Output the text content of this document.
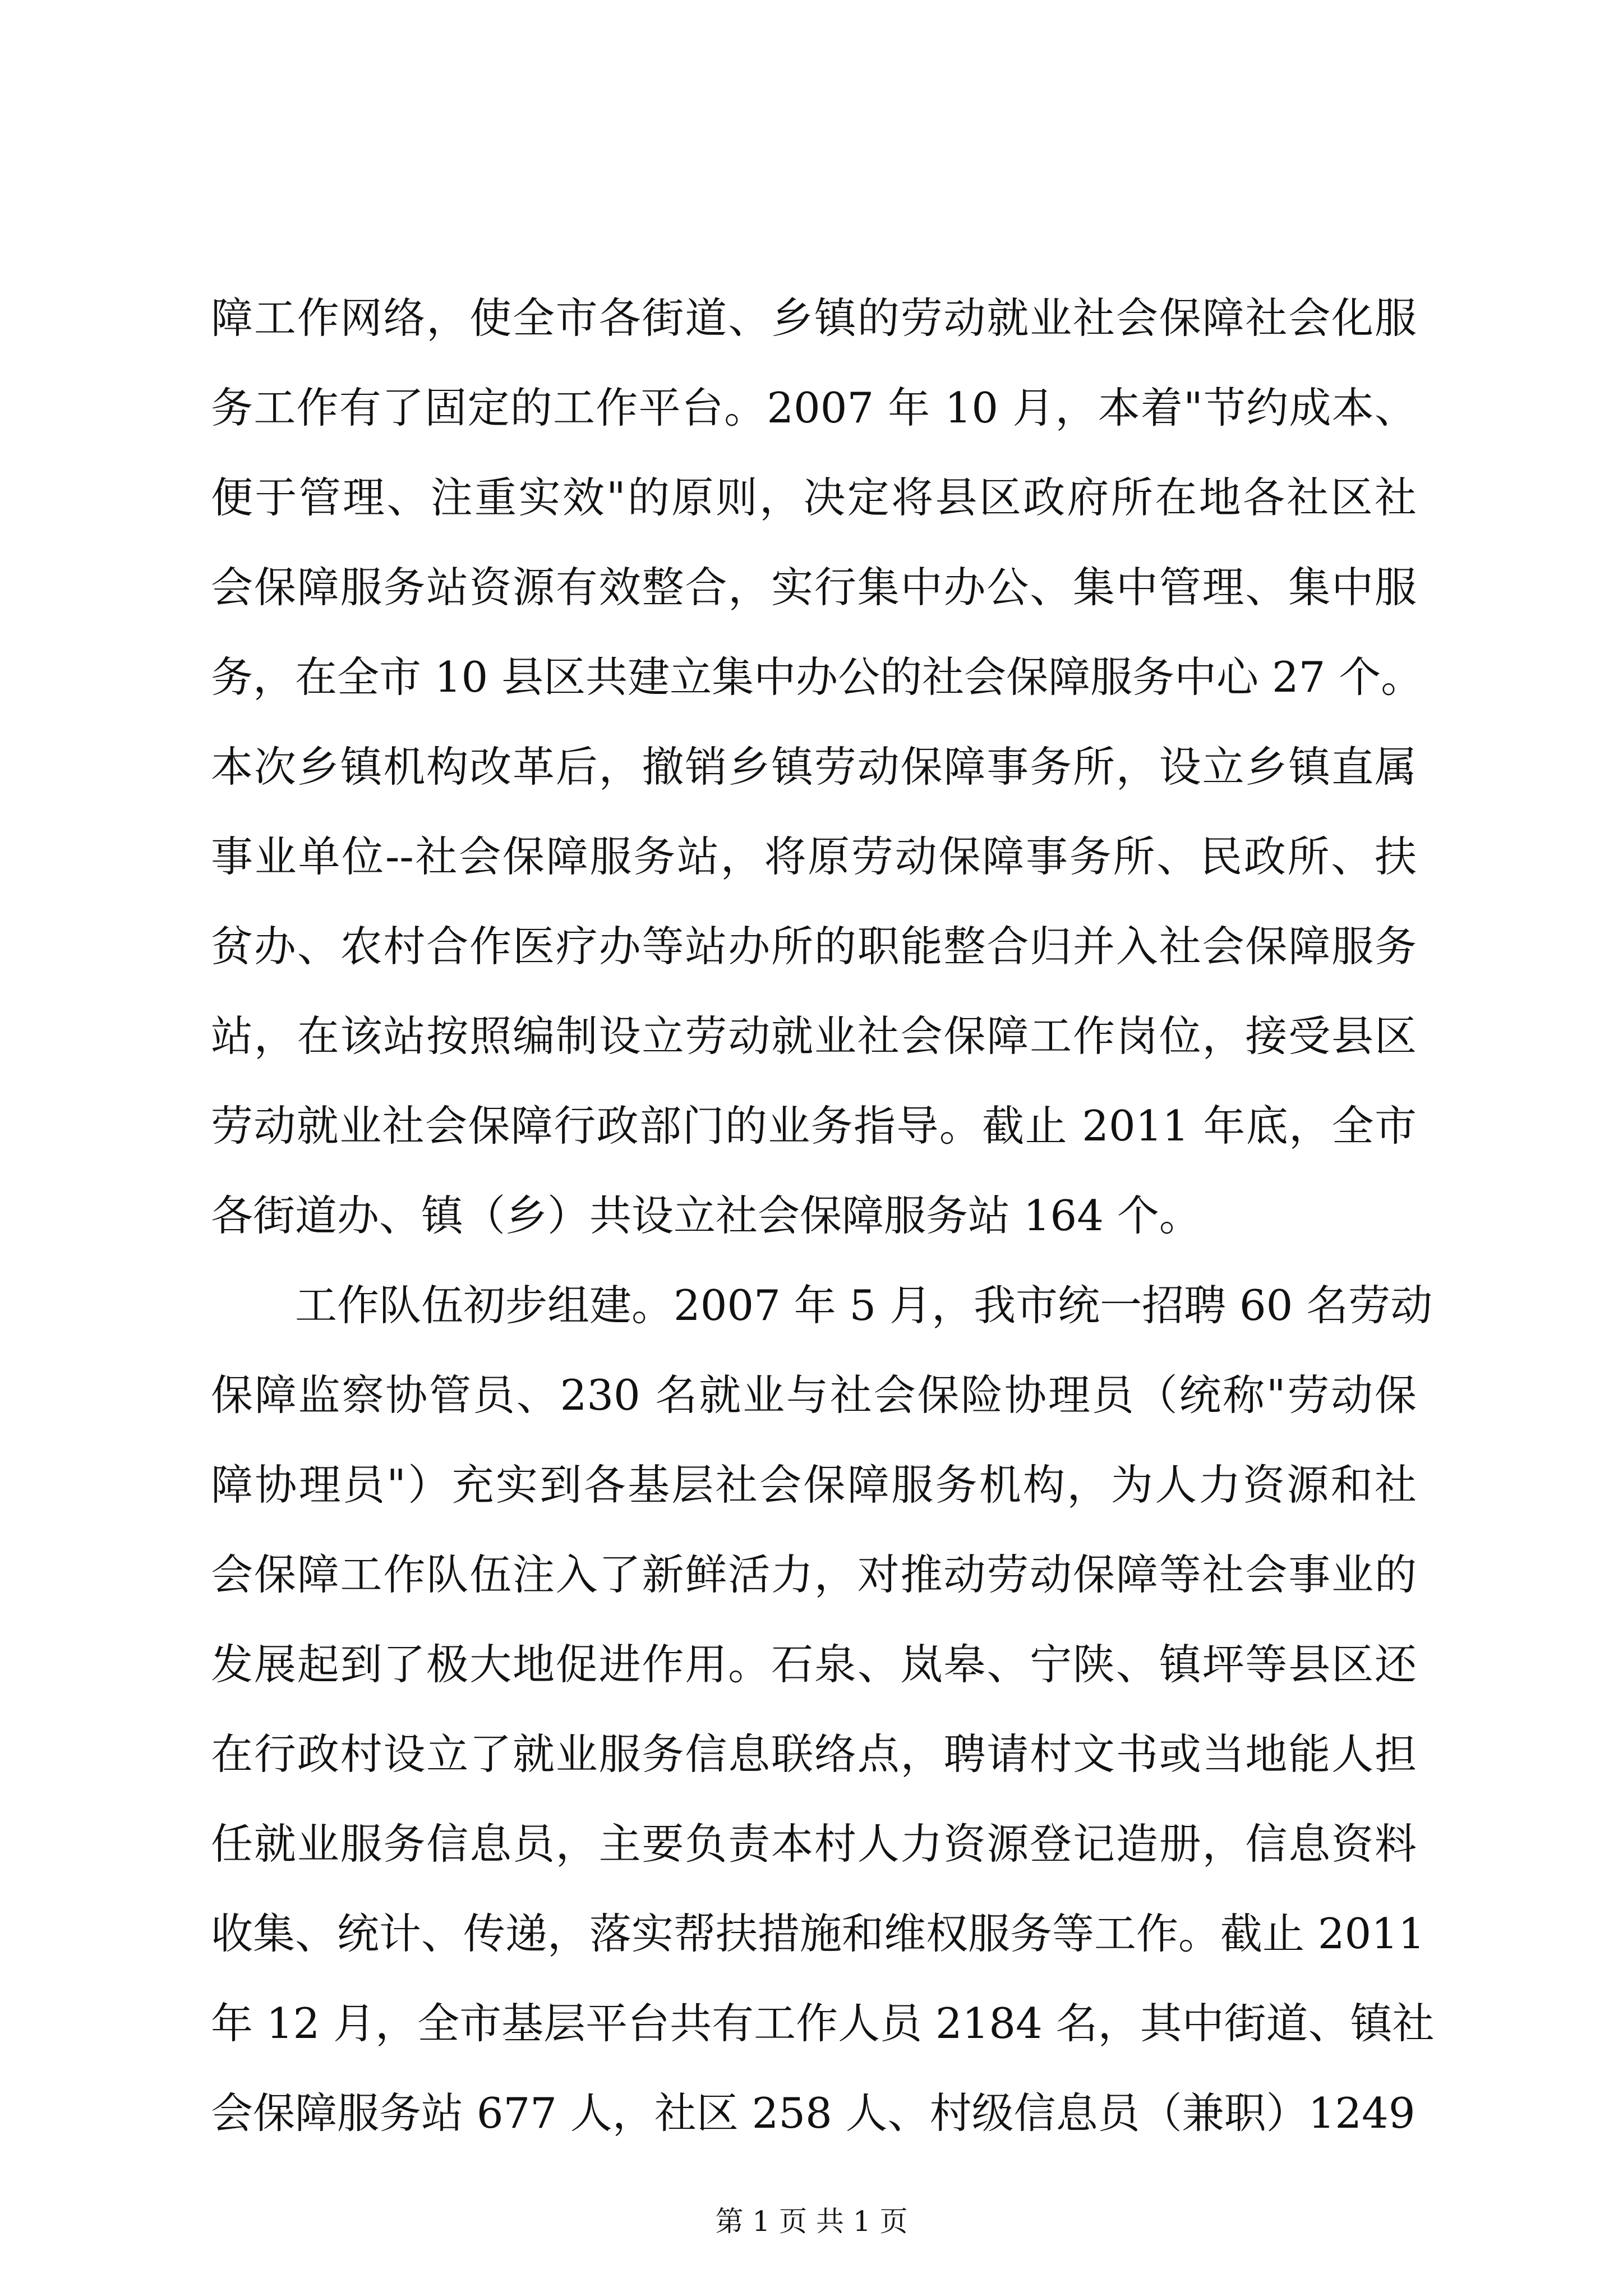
障工作网络，使全市各街道、乡镇的劳动就业社会保障社会化服
务工作有了固定的工作平台。2007 年 10 月，本着"节约成本、
便于管理、注重实效"的原则，决定将县区政府所在地各社区社
会保障服务站资源有效整合，实行集中办公、集中管理、集中服
务，在全市 10 县区共建立集中办公的社会保障服务中心 27 个。
本次乡镇机构改革后，撤销乡镇劳动保障事务所，设立乡镇直属
事业单位--社会保障服务站，将原劳动保障事务所、民政所、扶
贫办、农村合作医疗办等站办所的职能整合归并入社会保障服务
站，在该站按照编制设立劳动就业社会保障工作岗位，接受县区
劳动就业社会保障行政部门的业务指导。截止 2011 年底，全市
各街道办、镇（乡）共设立社会保障服务站 164 个。
工作队伍初步组建。2007 年 5 月，我市统一招聘 60 名劳动
保障监察协管员、230 名就业与社会保险协理员（统称"劳动保
障协理员"）充实到各基层社会保障服务机构，为人力资源和社
会保障工作队伍注入了新鲜活力，对推动劳动保障等社会事业的
发展起到了极大地促进作用。石泉、岚皋、宁陕、镇坪等县区还
在行政村设立了就业服务信息联络点，聘请村文书或当地能人担
任就业服务信息员，主要负责本村人力资源登记造册，信息资料
收集、统计、传递，落实帮扶措施和维权服务等工作。截止 2011
年 12 月，全市基层平台共有工作人员 2184 名，其中街道、镇社
第 1 页 共 1 页
会保障服务站 677 人，社区 258 人、村级信息员（兼职）1249
